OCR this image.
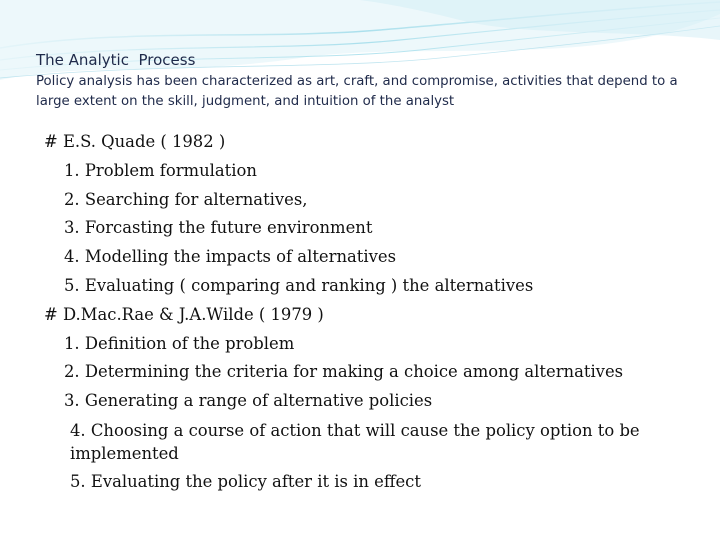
The Analytic  Process
Policy analysis has been characterized as art, craft, and compromise, activities that depend to a large extent on the skill, judgment, and intuition of the analyst
# E.S. Quade ( 1982 )
1. Problem formulation
2. Searching for alternatives,
3. Forcasting the future environment
4. Modelling the impacts of alternatives
5. Evaluating ( comparing and ranking ) the alternatives
# D.Mac.Rae & J.A.Wilde ( 1979 )
1. Definition of the problem
2. Determining the criteria for making a choice among alternatives
3. Generating a range of alternative policies
4. Choosing a course of action that will cause the policy option to be implemented
5. Evaluating the policy after it is in effect
